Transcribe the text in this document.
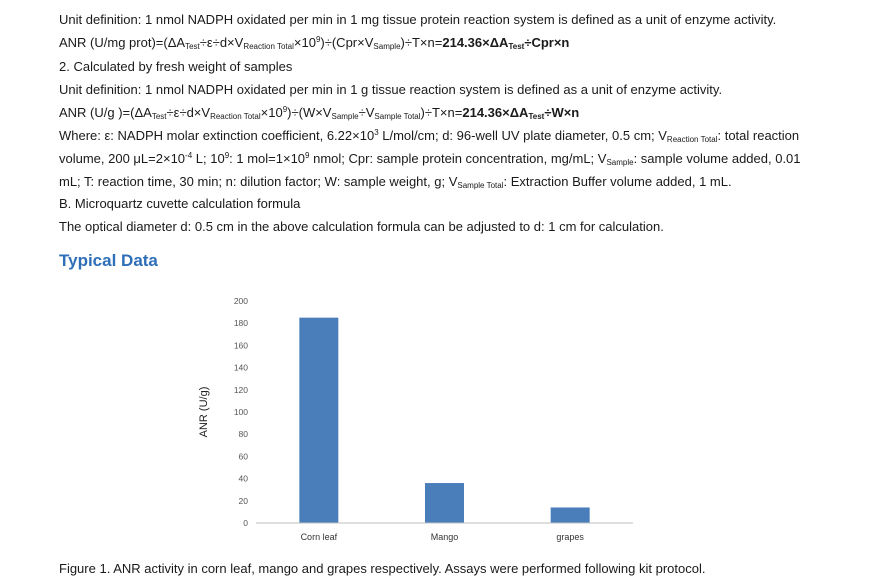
Unit definition: 1 nmol NADPH oxidated per min in 1 mg tissue protein reaction system is defined as a unit of enzyme activity.
ANR (U/mg $prot)=(\Delta A_{Test}\div\varepsilon\div d\times V_{Reaction Total}\times 10^9)\div(Cpr\times V_{Sample})\div T\times n=214.36\times\Delta A_{Test}\div Cpr\times n$
2. Calculated by fresh weight of samples
Unit definition: 1 nmol NADPH oxidated per min in 1 g tissue reaction system is defined as a unit of enzyme activity.
ANR (U/g )$=(\Delta A_{Test}\div\varepsilon\div d\times V_{Reaction Total}\times 10^9)\div(W\times V_{Sample}\div V_{Sample Total})\div T\times n=214.36\times\Delta A_{Test}\div W\times n$
Where: ε: NADPH molar extinction coefficient, $6.22\times 10^3$ L/mol/cm; d: 96-well UV plate diameter, 0.5 cm; $V_{Reaction Total}$: total reaction
volume, 200 $\mu L=2\times 10^{-4}$ L; $10^9$: 1 $mol=1\times 10^9$ nmol; Cpr: sample protein concentration, mg/mL; $V_{Sample}$: sample volume added, 0.01
mL; T: reaction time, 30 min; n: dilution factor; W: sample weight, g; $V_{Sample Total}$: Extraction Buffer volume added, 1 mL.
B. Microquartz cuvette calculation formula
The optical diameter d: 0.5 cm in the above calculation formula can be adjusted to d: 1 cm for calculation.
Typical Data
0
20
40
60
80
100
120
140
160
180
200
Corn leaf	Mango	grapes
ANR (U/g)
Figure 1. ANR activity in corn leaf, mango and grapes respectively. Assays were performed following kit protocol.
